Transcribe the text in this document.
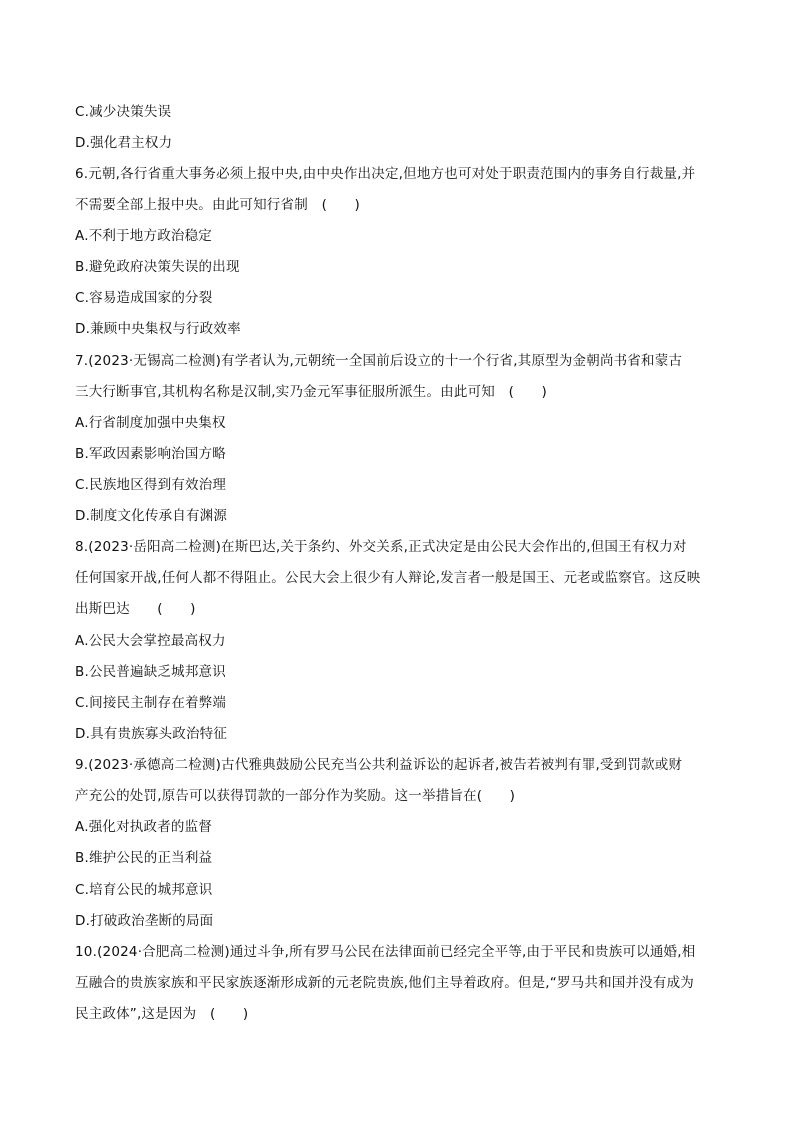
C.减少决策失误
D.强化君主权力
6.元朝,各行省重大事务必须上报中央,由中央作出决定,但地方也可对处于职责范围内的事务自行裁量,并
不需要全部上报中央。由此可知行省制　(　　)
A.不利于地方政治稳定
B.避免政府决策失误的出现
C.容易造成国家的分裂
D.兼顾中央集权与行政效率
7.(2023·无锡高二检测)有学者认为,元朝统一全国前后设立的十一个行省,其原型为金朝尚书省和蒙古
三大行断事官,其机构名称是汉制,实乃金元军事征服所派生。由此可知　(　　)
A.行省制度加强中央集权
B.军政因素影响治国方略
C.民族地区得到有效治理
D.制度文化传承自有渊源
8.(2023·岳阳高二检测)在斯巴达,关于条约、外交关系,正式决定是由公民大会作出的,但国王有权力对
任何国家开战,任何人都不得阻止。公民大会上很少有人辩论,发言者一般是国王、元老或监察官。这反映
出斯巴达　　(　　)
A.公民大会掌控最高权力
B.公民普遍缺乏城邦意识
C.间接民主制存在着弊端
D.具有贵族寡头政治特征
9.(2023·承德高二检测)古代雅典鼓励公民充当公共利益诉讼的起诉者,被告若被判有罪,受到罚款或财
产充公的处罚,原告可以获得罚款的一部分作为奖励。这一举措旨在(　　)
A.强化对执政者的监督
B.维护公民的正当利益
C.培育公民的城邦意识
D.打破政治垄断的局面
10.(2024·合肥高二检测)通过斗争,所有罗马公民在法律面前已经完全平等,由于平民和贵族可以通婚,相
互融合的贵族家族和平民家族逐渐形成新的元老院贵族,他们主导着政府。但是,“罗马共和国并没有成为
民主政体”,这是因为　(　　)
